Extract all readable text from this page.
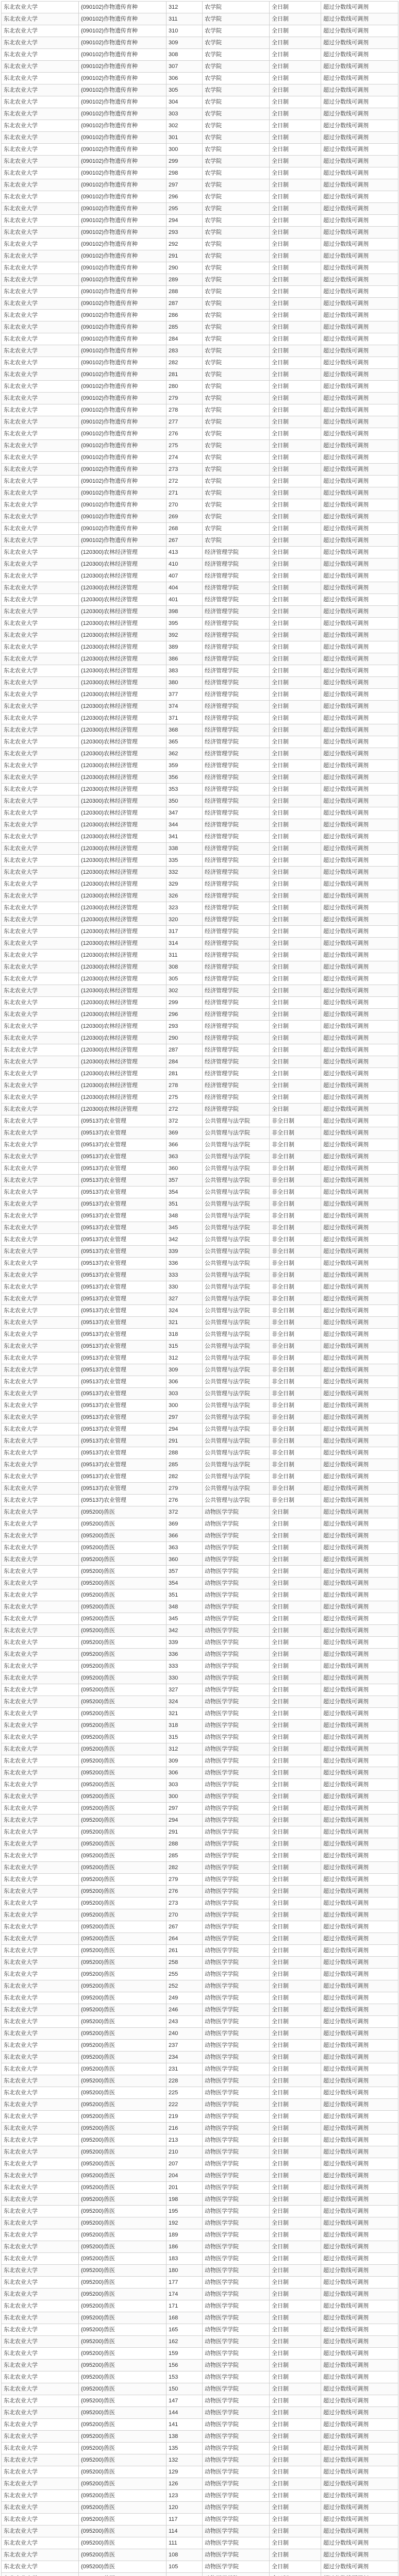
东北农业大学	(090102)作物遗传育种	312	农学院	全日制	超过分数线可调剂
东北农业大学	(090102)作物遗传育种	311	农学院	全日制	超过分数线可调剂
东北农业大学	(090102)作物遗传育种	310	农学院	全日制	超过分数线可调剂
东北农业大学	(090102)作物遗传育种	309	农学院	全日制	超过分数线可调剂
东北农业大学	(090102)作物遗传育种	308	农学院	全日制	超过分数线可调剂
东北农业大学	(090102)作物遗传育种	307	农学院	全日制	超过分数线可调剂
东北农业大学	(090102)作物遗传育种	306	农学院	全日制	超过分数线可调剂
东北农业大学	(090102)作物遗传育种	305	农学院	全日制	超过分数线可调剂
东北农业大学	(090102)作物遗传育种	304	农学院	全日制	超过分数线可调剂
东北农业大学	(090102)作物遗传育种	303	农学院	全日制	超过分数线可调剂
东北农业大学	(090102)作物遗传育种	302	农学院	全日制	超过分数线可调剂
东北农业大学	(090102)作物遗传育种	301	农学院	全日制	超过分数线可调剂
东北农业大学	(090102)作物遗传育种	300	农学院	全日制	超过分数线可调剂
东北农业大学	(090102)作物遗传育种	299	农学院	全日制	超过分数线可调剂
东北农业大学	(090102)作物遗传育种	298	农学院	全日制	超过分数线可调剂
东北农业大学	(090102)作物遗传育种	297	农学院	全日制	超过分数线可调剂
东北农业大学	(090102)作物遗传育种	296	农学院	全日制	超过分数线可调剂
东北农业大学	(090102)作物遗传育种	295	农学院	全日制	超过分数线可调剂
东北农业大学	(090102)作物遗传育种	294	农学院	全日制	超过分数线可调剂
东北农业大学	(090102)作物遗传育种	293	农学院	全日制	超过分数线可调剂
东北农业大学	(090102)作物遗传育种	292	农学院	全日制	超过分数线可调剂
东北农业大学	(090102)作物遗传育种	291	农学院	全日制	超过分数线可调剂
东北农业大学	(090102)作物遗传育种	290	农学院	全日制	超过分数线可调剂
东北农业大学	(090102)作物遗传育种	289	农学院	全日制	超过分数线可调剂
东北农业大学	(090102)作物遗传育种	288	农学院	全日制	超过分数线可调剂
东北农业大学	(090102)作物遗传育种	287	农学院	全日制	超过分数线可调剂
东北农业大学	(090102)作物遗传育种	286	农学院	全日制	超过分数线可调剂
东北农业大学	(090102)作物遗传育种	285	农学院	全日制	超过分数线可调剂
东北农业大学	(090102)作物遗传育种	284	农学院	全日制	超过分数线可调剂
东北农业大学	(090102)作物遗传育种	283	农学院	全日制	超过分数线可调剂
东北农业大学	(090102)作物遗传育种	282	农学院	全日制	超过分数线可调剂
东北农业大学	(090102)作物遗传育种	281	农学院	全日制	超过分数线可调剂
东北农业大学	(090102)作物遗传育种	280	农学院	全日制	超过分数线可调剂
东北农业大学	(090102)作物遗传育种	279	农学院	全日制	超过分数线可调剂
东北农业大学	(090102)作物遗传育种	278	农学院	全日制	超过分数线可调剂
东北农业大学	(090102)作物遗传育种	277	农学院	全日制	超过分数线可调剂
东北农业大学	(090102)作物遗传育种	276	农学院	全日制	超过分数线可调剂
东北农业大学	(090102)作物遗传育种	275	农学院	全日制	超过分数线可调剂
东北农业大学	(090102)作物遗传育种	274	农学院	全日制	超过分数线可调剂
东北农业大学	(090102)作物遗传育种	273	农学院	全日制	超过分数线可调剂
东北农业大学	(090102)作物遗传育种	272	农学院	全日制	超过分数线可调剂
东北农业大学	(090102)作物遗传育种	271	农学院	全日制	超过分数线可调剂
东北农业大学	(090102)作物遗传育种	270	农学院	全日制	超过分数线可调剂
东北农业大学	(090102)作物遗传育种	269	农学院	全日制	超过分数线可调剂
东北农业大学	(090102)作物遗传育种	268	农学院	全日制	超过分数线可调剂
东北农业大学	(090102)作物遗传育种	267	农学院	全日制	超过分数线可调剂
东北农业大学	(120300)农林经济管理	413	经济管理学院	全日制	超过分数线可调剂
东北农业大学	(120300)农林经济管理	410	经济管理学院	全日制	超过分数线可调剂
东北农业大学	(120300)农林经济管理	407	经济管理学院	全日制	超过分数线可调剂
东北农业大学	(120300)农林经济管理	404	经济管理学院	全日制	超过分数线可调剂
东北农业大学	(120300)农林经济管理	401	经济管理学院	全日制	超过分数线可调剂
东北农业大学	(120300)农林经济管理	398	经济管理学院	全日制	超过分数线可调剂
东北农业大学	(120300)农林经济管理	395	经济管理学院	全日制	超过分数线可调剂
东北农业大学	(120300)农林经济管理	392	经济管理学院	全日制	超过分数线可调剂
东北农业大学	(120300)农林经济管理	389	经济管理学院	全日制	超过分数线可调剂
东北农业大学	(120300)农林经济管理	386	经济管理学院	全日制	超过分数线可调剂
东北农业大学	(120300)农林经济管理	383	经济管理学院	全日制	超过分数线可调剂
东北农业大学	(120300)农林经济管理	380	经济管理学院	全日制	超过分数线可调剂
东北农业大学	(120300)农林经济管理	377	经济管理学院	全日制	超过分数线可调剂
东北农业大学	(120300)农林经济管理	374	经济管理学院	全日制	超过分数线可调剂
东北农业大学	(120300)农林经济管理	371	经济管理学院	全日制	超过分数线可调剂
东北农业大学	(120300)农林经济管理	368	经济管理学院	全日制	超过分数线可调剂
东北农业大学	(120300)农林经济管理	365	经济管理学院	全日制	超过分数线可调剂
东北农业大学	(120300)农林经济管理	362	经济管理学院	全日制	超过分数线可调剂
东北农业大学	(120300)农林经济管理	359	经济管理学院	全日制	超过分数线可调剂
东北农业大学	(120300)农林经济管理	356	经济管理学院	全日制	超过分数线可调剂
东北农业大学	(120300)农林经济管理	353	经济管理学院	全日制	超过分数线可调剂
东北农业大学	(120300)农林经济管理	350	经济管理学院	全日制	超过分数线可调剂
东北农业大学	(120300)农林经济管理	347	经济管理学院	全日制	超过分数线可调剂
东北农业大学	(120300)农林经济管理	344	经济管理学院	全日制	超过分数线可调剂
东北农业大学	(120300)农林经济管理	341	经济管理学院	全日制	超过分数线可调剂
东北农业大学	(120300)农林经济管理	338	经济管理学院	全日制	超过分数线可调剂
东北农业大学	(120300)农林经济管理	335	经济管理学院	全日制	超过分数线可调剂
东北农业大学	(120300)农林经济管理	332	经济管理学院	全日制	超过分数线可调剂
东北农业大学	(120300)农林经济管理	329	经济管理学院	全日制	超过分数线可调剂
东北农业大学	(120300)农林经济管理	326	经济管理学院	全日制	超过分数线可调剂
东北农业大学	(120300)农林经济管理	323	经济管理学院	全日制	超过分数线可调剂
东北农业大学	(120300)农林经济管理	320	经济管理学院	全日制	超过分数线可调剂
东北农业大学	(120300)农林经济管理	317	经济管理学院	全日制	超过分数线可调剂
东北农业大学	(120300)农林经济管理	314	经济管理学院	全日制	超过分数线可调剂
东北农业大学	(120300)农林经济管理	311	经济管理学院	全日制	超过分数线可调剂
东北农业大学	(120300)农林经济管理	308	经济管理学院	全日制	超过分数线可调剂
东北农业大学	(120300)农林经济管理	305	经济管理学院	全日制	超过分数线可调剂
东北农业大学	(120300)农林经济管理	302	经济管理学院	全日制	超过分数线可调剂
东北农业大学	(120300)农林经济管理	299	经济管理学院	全日制	超过分数线可调剂
东北农业大学	(120300)农林经济管理	296	经济管理学院	全日制	超过分数线可调剂
东北农业大学	(120300)农林经济管理	293	经济管理学院	全日制	超过分数线可调剂
东北农业大学	(120300)农林经济管理	290	经济管理学院	全日制	超过分数线可调剂
东北农业大学	(120300)农林经济管理	287	经济管理学院	全日制	超过分数线可调剂
东北农业大学	(120300)农林经济管理	284	经济管理学院	全日制	超过分数线可调剂
东北农业大学	(120300)农林经济管理	281	经济管理学院	全日制	超过分数线可调剂
东北农业大学	(120300)农林经济管理	278	经济管理学院	全日制	超过分数线可调剂
东北农业大学	(120300)农林经济管理	275	经济管理学院	全日制	超过分数线可调剂
东北农业大学	(120300)农林经济管理	272	经济管理学院	全日制	超过分数线可调剂
东北农业大学	(095137)农业管理	372	公共管理与法学院	非全日制	超过分数线可调剂
东北农业大学	(095137)农业管理	369	公共管理与法学院	非全日制	超过分数线可调剂
东北农业大学	(095137)农业管理	366	公共管理与法学院	非全日制	超过分数线可调剂
东北农业大学	(095137)农业管理	363	公共管理与法学院	非全日制	超过分数线可调剂
东北农业大学	(095137)农业管理	360	公共管理与法学院	非全日制	超过分数线可调剂
东北农业大学	(095137)农业管理	357	公共管理与法学院	非全日制	超过分数线可调剂
东北农业大学	(095137)农业管理	354	公共管理与法学院	非全日制	超过分数线可调剂
东北农业大学	(095137)农业管理	351	公共管理与法学院	非全日制	超过分数线可调剂
东北农业大学	(095137)农业管理	348	公共管理与法学院	非全日制	超过分数线可调剂
东北农业大学	(095137)农业管理	345	公共管理与法学院	非全日制	超过分数线可调剂
东北农业大学	(095137)农业管理	342	公共管理与法学院	非全日制	超过分数线可调剂
东北农业大学	(095137)农业管理	339	公共管理与法学院	非全日制	超过分数线可调剂
东北农业大学	(095137)农业管理	336	公共管理与法学院	非全日制	超过分数线可调剂
东北农业大学	(095137)农业管理	333	公共管理与法学院	非全日制	超过分数线可调剂
东北农业大学	(095137)农业管理	330	公共管理与法学院	非全日制	超过分数线可调剂
东北农业大学	(095137)农业管理	327	公共管理与法学院	非全日制	超过分数线可调剂
东北农业大学	(095137)农业管理	324	公共管理与法学院	非全日制	超过分数线可调剂
东北农业大学	(095137)农业管理	321	公共管理与法学院	非全日制	超过分数线可调剂
东北农业大学	(095137)农业管理	318	公共管理与法学院	非全日制	超过分数线可调剂
东北农业大学	(095137)农业管理	315	公共管理与法学院	非全日制	超过分数线可调剂
东北农业大学	(095137)农业管理	312	公共管理与法学院	非全日制	超过分数线可调剂
东北农业大学	(095137)农业管理	309	公共管理与法学院	非全日制	超过分数线可调剂
东北农业大学	(095137)农业管理	306	公共管理与法学院	非全日制	超过分数线可调剂
东北农业大学	(095137)农业管理	303	公共管理与法学院	非全日制	超过分数线可调剂
东北农业大学	(095137)农业管理	300	公共管理与法学院	非全日制	超过分数线可调剂
东北农业大学	(095137)农业管理	297	公共管理与法学院	非全日制	超过分数线可调剂
东北农业大学	(095137)农业管理	294	公共管理与法学院	非全日制	超过分数线可调剂
东北农业大学	(095137)农业管理	291	公共管理与法学院	非全日制	超过分数线可调剂
东北农业大学	(095137)农业管理	288	公共管理与法学院	非全日制	超过分数线可调剂
东北农业大学	(095137)农业管理	285	公共管理与法学院	非全日制	超过分数线可调剂
东北农业大学	(095137)农业管理	282	公共管理与法学院	非全日制	超过分数线可调剂
东北农业大学	(095137)农业管理	279	公共管理与法学院	非全日制	超过分数线可调剂
东北农业大学	(095137)农业管理	276	公共管理与法学院	非全日制	超过分数线可调剂
东北农业大学	(095200)兽医	372	动物医学学院	全日制	超过分数线可调剂
东北农业大学	(095200)兽医	369	动物医学学院	全日制	超过分数线可调剂
东北农业大学	(095200)兽医	366	动物医学学院	全日制	超过分数线可调剂
东北农业大学	(095200)兽医	363	动物医学学院	全日制	超过分数线可调剂
东北农业大学	(095200)兽医	360	动物医学学院	全日制	超过分数线可调剂
东北农业大学	(095200)兽医	357	动物医学学院	全日制	超过分数线可调剂
东北农业大学	(095200)兽医	354	动物医学学院	全日制	超过分数线可调剂
东北农业大学	(095200)兽医	351	动物医学学院	全日制	超过分数线可调剂
东北农业大学	(095200)兽医	348	动物医学学院	全日制	超过分数线可调剂
东北农业大学	(095200)兽医	345	动物医学学院	全日制	超过分数线可调剂
东北农业大学	(095200)兽医	342	动物医学学院	全日制	超过分数线可调剂
东北农业大学	(095200)兽医	339	动物医学学院	全日制	超过分数线可调剂
东北农业大学	(095200)兽医	336	动物医学学院	全日制	超过分数线可调剂
东北农业大学	(095200)兽医	333	动物医学学院	全日制	超过分数线可调剂
东北农业大学	(095200)兽医	330	动物医学学院	全日制	超过分数线可调剂
东北农业大学	(095200)兽医	327	动物医学学院	全日制	超过分数线可调剂
东北农业大学	(095200)兽医	324	动物医学学院	全日制	超过分数线可调剂
东北农业大学	(095200)兽医	321	动物医学学院	全日制	超过分数线可调剂
东北农业大学	(095200)兽医	318	动物医学学院	全日制	超过分数线可调剂
东北农业大学	(095200)兽医	315	动物医学学院	全日制	超过分数线可调剂
东北农业大学	(095200)兽医	312	动物医学学院	全日制	超过分数线可调剂
东北农业大学	(095200)兽医	309	动物医学学院	全日制	超过分数线可调剂
东北农业大学	(095200)兽医	306	动物医学学院	全日制	超过分数线可调剂
东北农业大学	(095200)兽医	303	动物医学学院	全日制	超过分数线可调剂
东北农业大学	(095200)兽医	300	动物医学学院	全日制	超过分数线可调剂
东北农业大学	(095200)兽医	297	动物医学学院	全日制	超过分数线可调剂
东北农业大学	(095200)兽医	294	动物医学学院	全日制	超过分数线可调剂
东北农业大学	(095200)兽医	291	动物医学学院	全日制	超过分数线可调剂
东北农业大学	(095200)兽医	288	动物医学学院	全日制	超过分数线可调剂
东北农业大学	(095200)兽医	285	动物医学学院	全日制	超过分数线可调剂
东北农业大学	(095200)兽医	282	动物医学学院	全日制	超过分数线可调剂
东北农业大学	(095200)兽医	279	动物医学学院	全日制	超过分数线可调剂
东北农业大学	(095200)兽医	276	动物医学学院	全日制	超过分数线可调剂
东北农业大学	(095200)兽医	273	动物医学学院	全日制	超过分数线可调剂
东北农业大学	(095200)兽医	270	动物医学学院	全日制	超过分数线可调剂
东北农业大学	(095200)兽医	267	动物医学学院	全日制	超过分数线可调剂
东北农业大学	(095200)兽医	264	动物医学学院	全日制	超过分数线可调剂
东北农业大学	(095200)兽医	261	动物医学学院	全日制	超过分数线可调剂
东北农业大学	(095200)兽医	258	动物医学学院	全日制	超过分数线可调剂
东北农业大学	(095200)兽医	255	动物医学学院	全日制	超过分数线可调剂
东北农业大学	(095200)兽医	252	动物医学学院	全日制	超过分数线可调剂
东北农业大学	(095200)兽医	249	动物医学学院	全日制	超过分数线可调剂
东北农业大学	(095200)兽医	246	动物医学学院	全日制	超过分数线可调剂
东北农业大学	(095200)兽医	243	动物医学学院	全日制	超过分数线可调剂
东北农业大学	(095200)兽医	240	动物医学学院	全日制	超过分数线可调剂
东北农业大学	(095200)兽医	237	动物医学学院	全日制	超过分数线可调剂
东北农业大学	(095200)兽医	234	动物医学学院	全日制	超过分数线可调剂
东北农业大学	(095200)兽医	231	动物医学学院	全日制	超过分数线可调剂
东北农业大学	(095200)兽医	228	动物医学学院	全日制	超过分数线可调剂
东北农业大学	(095200)兽医	225	动物医学学院	全日制	超过分数线可调剂
东北农业大学	(095200)兽医	222	动物医学学院	全日制	超过分数线可调剂
东北农业大学	(095200)兽医	219	动物医学学院	全日制	超过分数线可调剂
东北农业大学	(095200)兽医	216	动物医学学院	全日制	超过分数线可调剂
东北农业大学	(095200)兽医	213	动物医学学院	全日制	超过分数线可调剂
东北农业大学	(095200)兽医	210	动物医学学院	全日制	超过分数线可调剂
东北农业大学	(095200)兽医	207	动物医学学院	全日制	超过分数线可调剂
东北农业大学	(095200)兽医	204	动物医学学院	全日制	超过分数线可调剂
东北农业大学	(095200)兽医	201	动物医学学院	全日制	超过分数线可调剂
东北农业大学	(095200)兽医	198	动物医学学院	全日制	超过分数线可调剂
东北农业大学	(095200)兽医	195	动物医学学院	全日制	超过分数线可调剂
东北农业大学	(095200)兽医	192	动物医学学院	全日制	超过分数线可调剂
东北农业大学	(095200)兽医	189	动物医学学院	全日制	超过分数线可调剂
东北农业大学	(095200)兽医	186	动物医学学院	全日制	超过分数线可调剂
东北农业大学	(095200)兽医	183	动物医学学院	全日制	超过分数线可调剂
东北农业大学	(095200)兽医	180	动物医学学院	全日制	超过分数线可调剂
东北农业大学	(095200)兽医	177	动物医学学院	全日制	超过分数线可调剂
东北农业大学	(095200)兽医	174	动物医学学院	全日制	超过分数线可调剂
东北农业大学	(095200)兽医	171	动物医学学院	全日制	超过分数线可调剂
东北农业大学	(095200)兽医	168	动物医学学院	全日制	超过分数线可调剂
东北农业大学	(095200)兽医	165	动物医学学院	全日制	超过分数线可调剂
东北农业大学	(095200)兽医	162	动物医学学院	全日制	超过分数线可调剂
东北农业大学	(095200)兽医	159	动物医学学院	全日制	超过分数线可调剂
东北农业大学	(095200)兽医	156	动物医学学院	全日制	超过分数线可调剂
东北农业大学	(095200)兽医	153	动物医学学院	全日制	超过分数线可调剂
东北农业大学	(095200)兽医	150	动物医学学院	全日制	超过分数线可调剂
东北农业大学	(095200)兽医	147	动物医学学院	全日制	超过分数线可调剂
东北农业大学	(095200)兽医	144	动物医学学院	全日制	超过分数线可调剂
东北农业大学	(095200)兽医	141	动物医学学院	全日制	超过分数线可调剂
东北农业大学	(095200)兽医	138	动物医学学院	全日制	超过分数线可调剂
东北农业大学	(095200)兽医	135	动物医学学院	全日制	超过分数线可调剂
东北农业大学	(095200)兽医	132	动物医学学院	全日制	超过分数线可调剂
东北农业大学	(095200)兽医	129	动物医学学院	全日制	超过分数线可调剂
东北农业大学	(095200)兽医	126	动物医学学院	全日制	超过分数线可调剂
东北农业大学	(095200)兽医	123	动物医学学院	全日制	超过分数线可调剂
东北农业大学	(095200)兽医	120	动物医学学院	全日制	超过分数线可调剂
东北农业大学	(095200)兽医	117	动物医学学院	全日制	超过分数线可调剂
东北农业大学	(095200)兽医	114	动物医学学院	全日制	超过分数线可调剂
东北农业大学	(095200)兽医	111	动物医学学院	全日制	超过分数线可调剂
东北农业大学	(095200)兽医	108	动物医学学院	全日制	超过分数线可调剂
东北农业大学	(095200)兽医	105	动物医学学院	全日制	超过分数线可调剂
